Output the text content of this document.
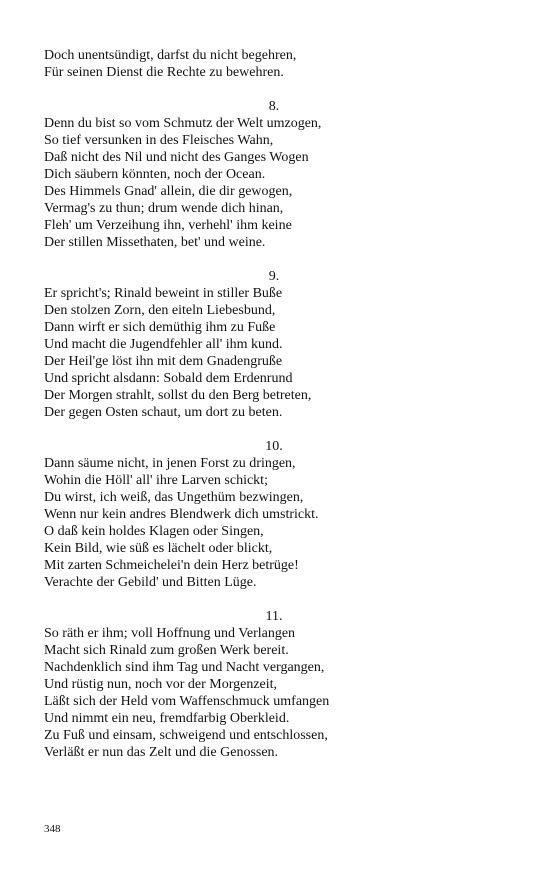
Doch unentsündigt, darfst du nicht begehren,
Für seinen Dienst die Rechte zu bewehren.
8.
Denn du bist so vom Schmutz der Welt umzogen,
So tief versunken in des Fleisches Wahn,
Daß nicht des Nil und nicht des Ganges Wogen
Dich säubern könnten, noch der Ocean.
Des Himmels Gnad' allein, die dir gewogen,
Vermag's zu thun; drum wende dich hinan,
Fleh' um Verzeihung ihn, verhehl' ihm keine
Der stillen Missethaten, bet' und weine.
9.
Er spricht's; Rinald beweint in stiller Buße
Den stolzen Zorn, den eiteln Liebesbund,
Dann wirft er sich demüthig ihm zu Fuße
Und macht die Jugendfehler all' ihm kund.
Der Heil'ge löst ihn mit dem Gnadengruße
Und spricht alsdann: Sobald dem Erdenrund
Der Morgen strahlt, sollst du den Berg betreten,
Der gegen Osten schaut, um dort zu beten.
10.
Dann säume nicht, in jenen Forst zu dringen,
Wohin die Höll' all' ihre Larven schickt;
Du wirst, ich weiß, das Ungethüm bezwingen,
Wenn nur kein andres Blendwerk dich umstrickt.
O daß kein holdes Klagen oder Singen,
Kein Bild, wie süß es lächelt oder blickt,
Mit zarten Schmeichelei'n dein Herz betrüge!
Verachte der Gebild' und Bitten Lüge.
11.
So räth er ihm; voll Hoffnung und Verlangen
Macht sich Rinald zum großen Werk bereit.
Nachdenklich sind ihm Tag und Nacht vergangen,
Und rüstig nun, noch vor der Morgenzeit,
Läßt sich der Held vom Waffenschmuck umfangen
Und nimmt ein neu, fremdfarbig Oberkleid.
Zu Fuß und einsam, schweigend und entschlossen,
Verläßt er nun das Zelt und die Genossen.
348
